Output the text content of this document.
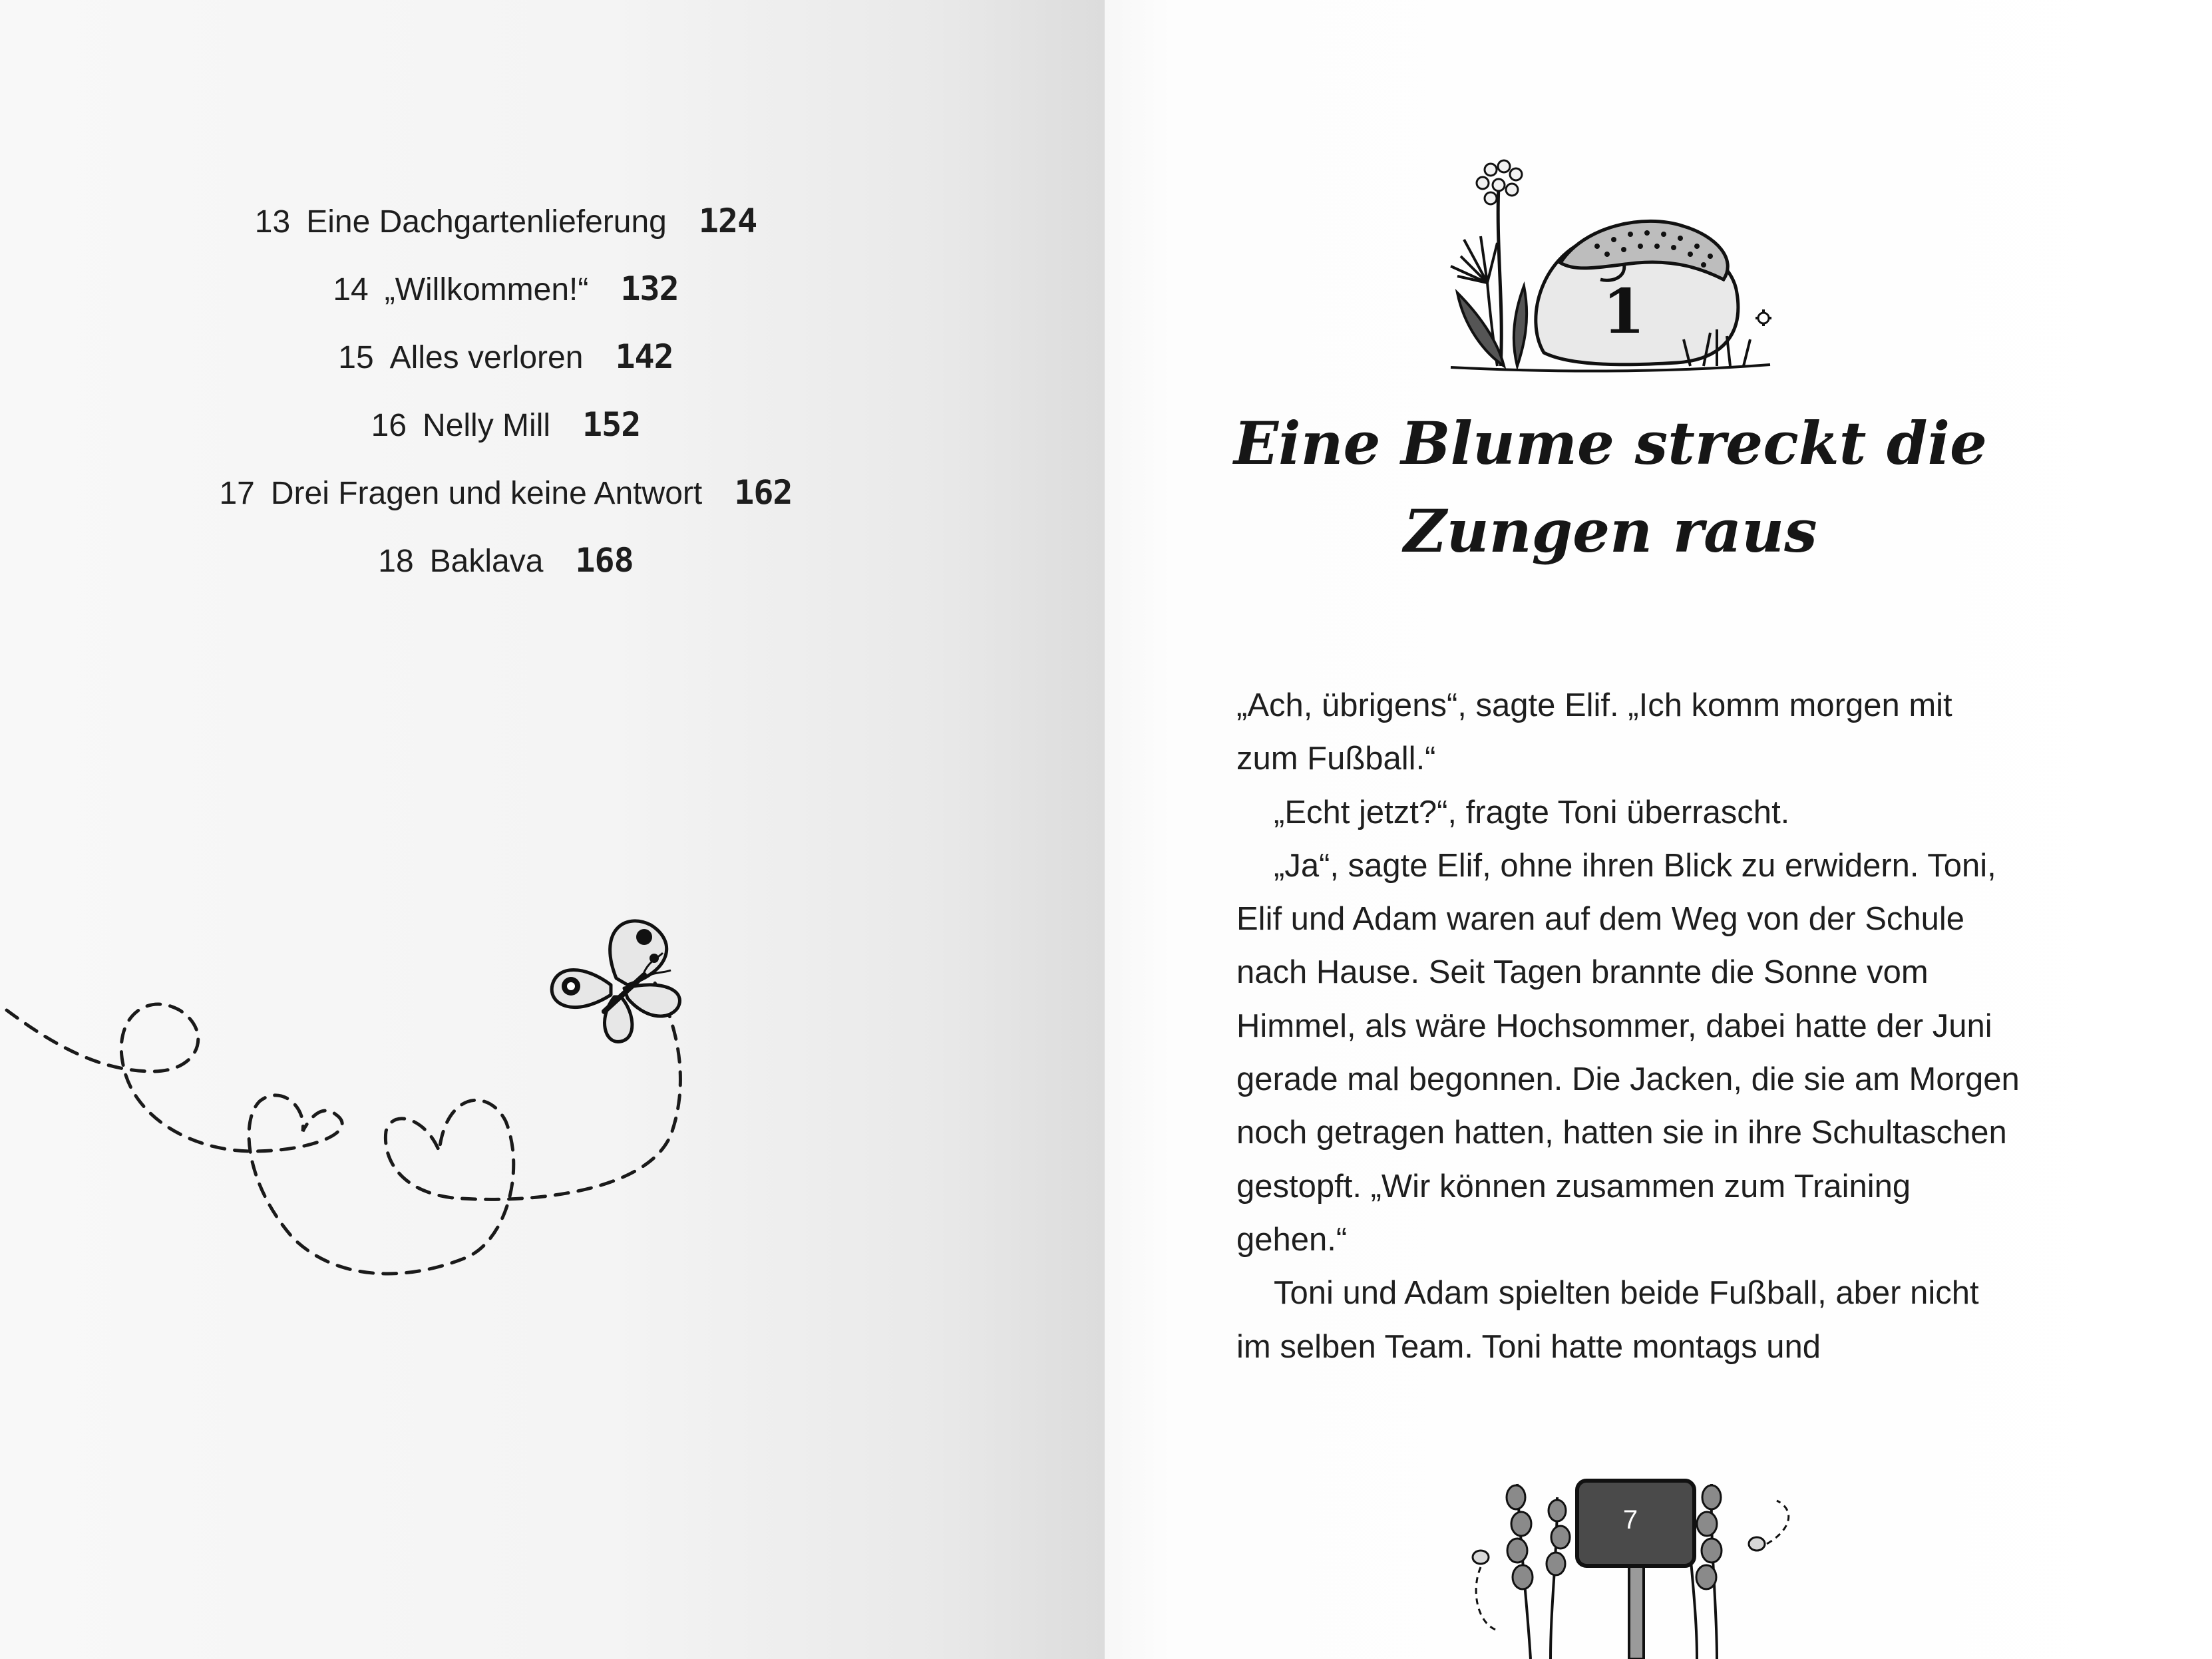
13 Eine Dachgartenlieferung 124
14 „Willkommen!“ 132
15 Alles verloren 142
16 Nelly Mill 152
17 Drei Fragen und keine Antwort 162
18 Baklava 168
1
Eine Blume streckt die
Zungen raus

„Ach, übrigens“, sagte Elif. „Ich komm morgen mit zum Fußball.“

„Echt jetzt?“, fragte Toni überrascht.

„Ja“, sagte Elif, ohne ihren Blick zu erwidern. Toni, Elif und Adam waren auf dem Weg von der Schule nach Hause. Seit Tagen brannte die Sonne vom Himmel, als wäre Hochsommer, dabei hatte der Juni gerade mal begonnen. Die Jacken, die sie am Morgen noch getragen hatten, hatten sie in ihre Schultaschen gestopft. „Wir können zusammen zum Training gehen.“

Toni und Adam spielten beide Fußball, aber nicht im selben Team. Toni hatte montags und

7
